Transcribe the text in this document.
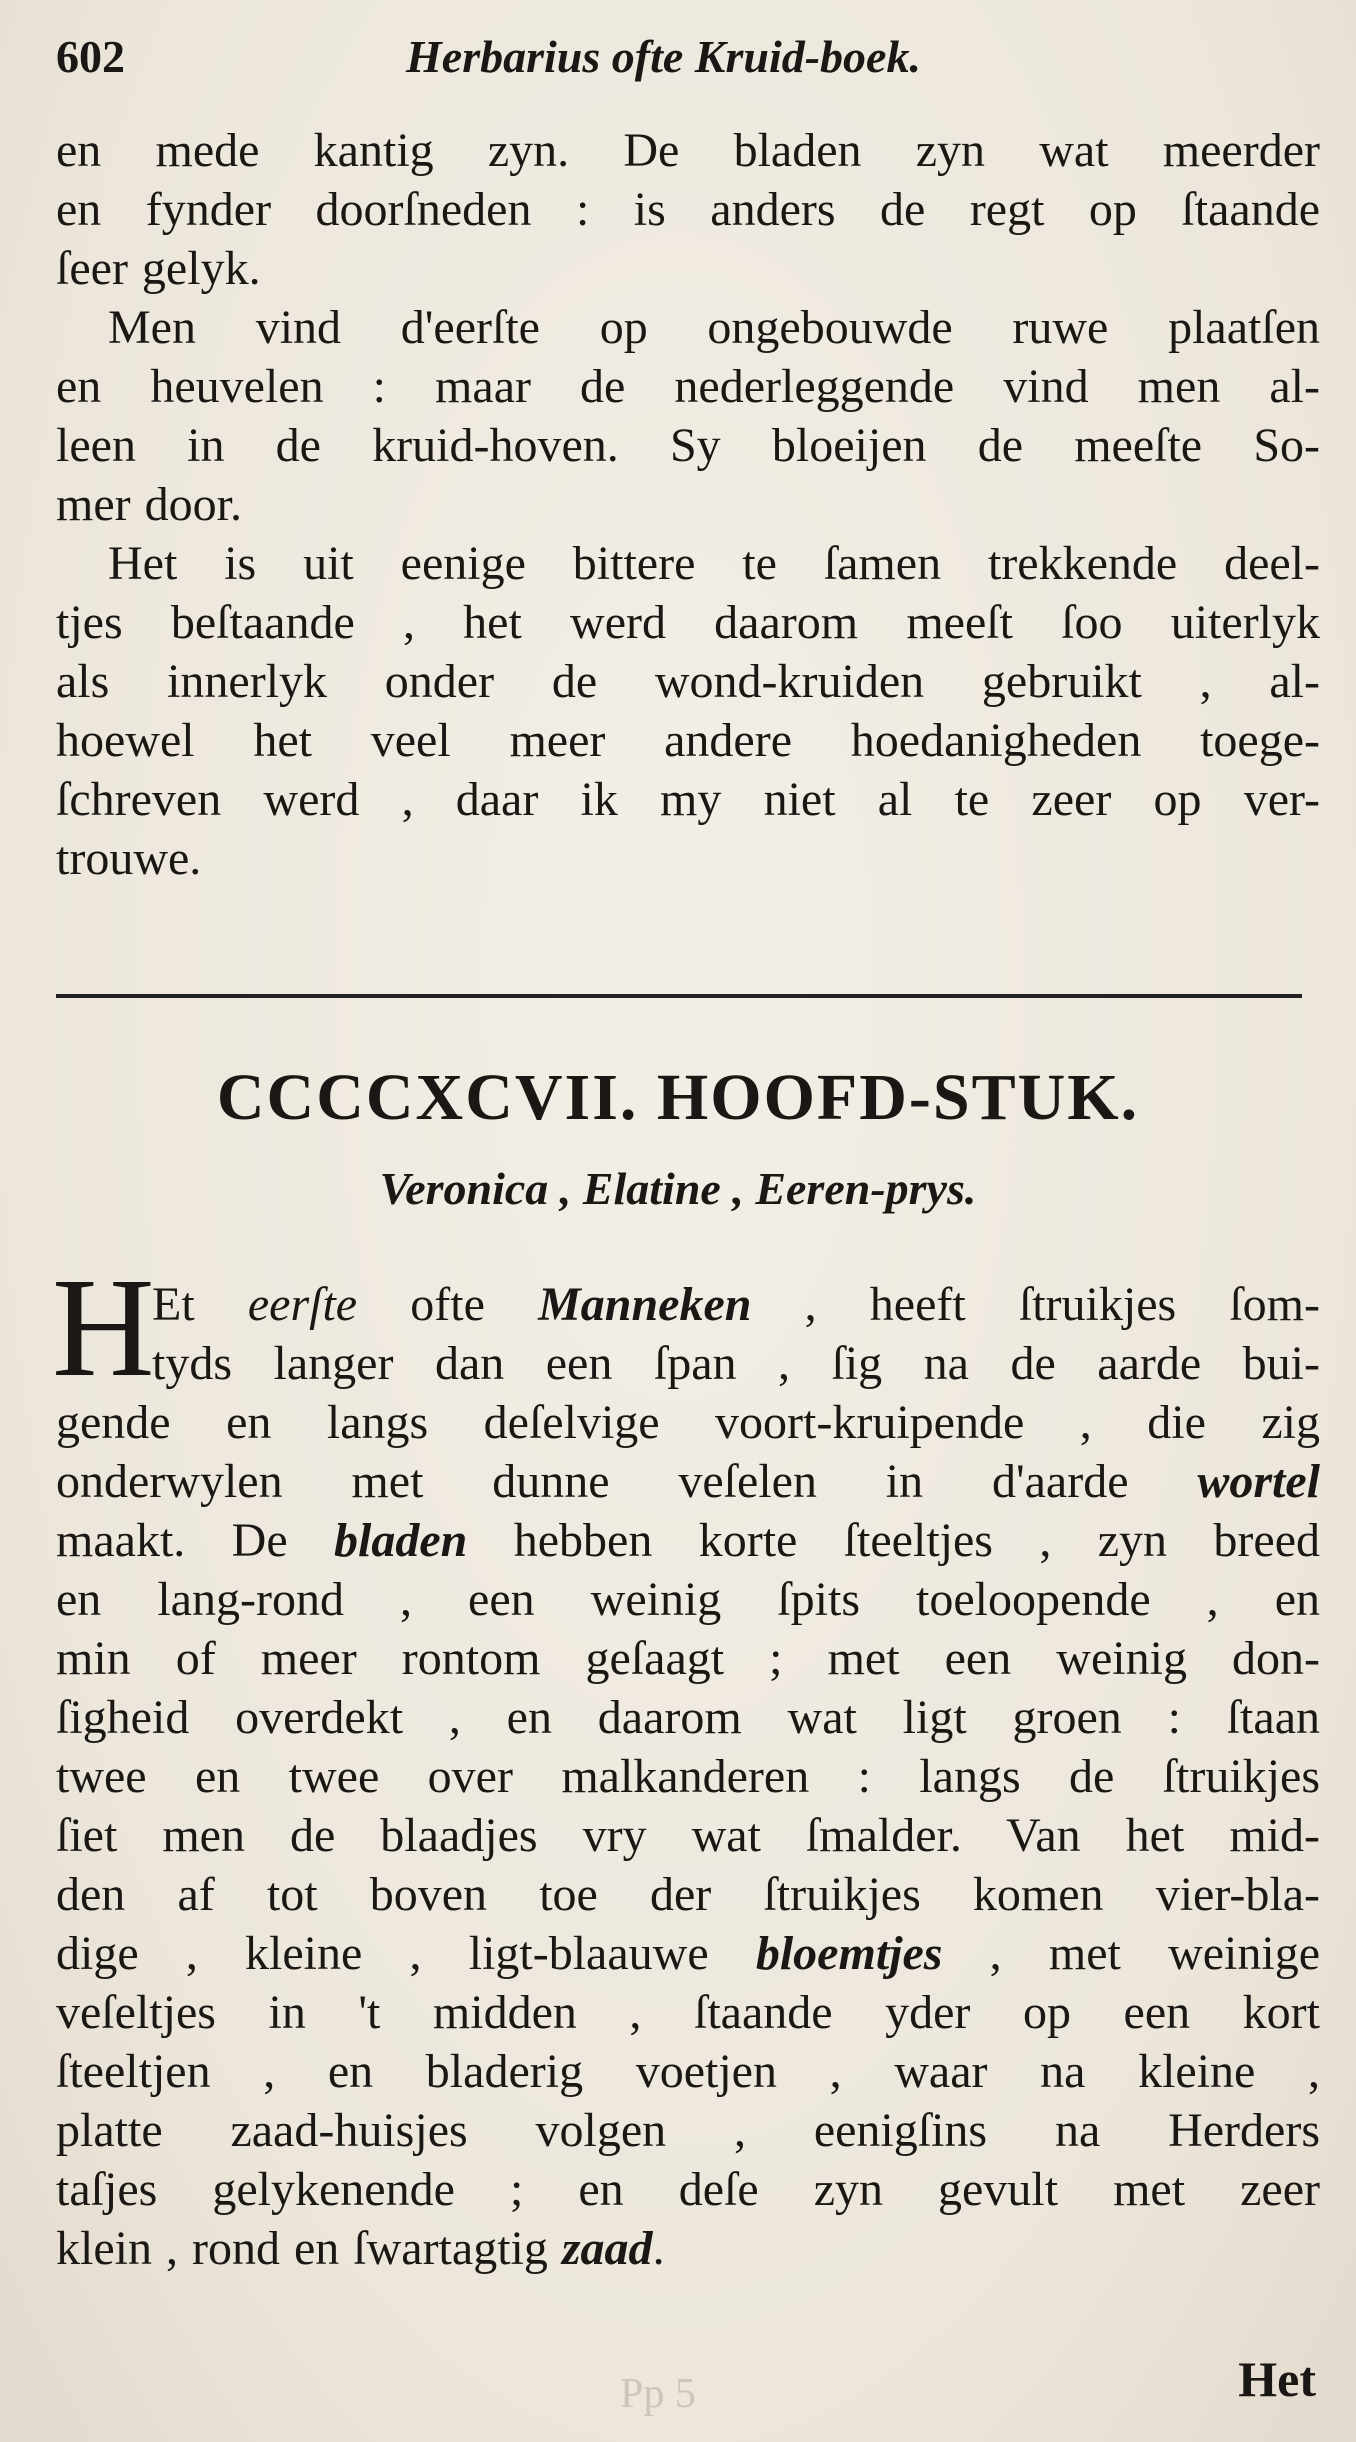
602	Herbarius ofte Kruid-boek.
en mede kantig zyn. De bladen zyn wat meerder
en fynder doorſneden : is anders de regt op ſtaande
ſeer gelyk.
Men vind d'eerſte op ongebouwde ruwe plaatſen
en heuvelen : maar de nederleggende vind men al-
leen in de kruid-hoven. Sy bloeijen de meeſte So-
mer door.
Het is uit eenige bittere te ſamen trekkende deel-
tjes beſtaande , het werd daarom meeſt ſoo uiterlyk
als innerlyk onder de wond-kruiden gebruikt , al-
hoewel het veel meer andere hoedanigheden toege-
ſchreven werd , daar ik my niet al te zeer op ver-
trouwe.
CCCCXCVII. HOOFD-STUK.
Veronica , Elatine , Eeren-prys.
H
Et eerſte ofte Manneken , heeft ſtruikjes ſom-
tyds langer dan een ſpan , ſig na de aarde bui-
gende en langs deſelvige voort-kruipende , die zig
onderwylen met dunne veſelen in d'aarde wortel
maakt. De bladen hebben korte ſteeltjes , zyn breed
en lang-rond , een weinig ſpits toeloopende , en
min of meer rontom geſaagt ; met een weinig don-
ſigheid overdekt , en daarom wat ligt groen : ſtaan
twee en twee over malkanderen : langs de ſtruikjes
ſiet men de blaadjes vry wat ſmalder. Van het mid-
den af tot boven toe der ſtruikjes komen vier-bla-
dige , kleine , ligt-blaauwe bloemtjes , met weinige
veſeltjes in 't midden , ſtaande yder op een kort
ſteeltjen , en bladerig voetjen , waar na kleine ,
platte zaad-huisjes volgen , eenigſins na Herders
taſjes gelykenende ; en deſe zyn gevult met zeer
klein , rond en ſwartagtig zaad.
Pp 5	Het
